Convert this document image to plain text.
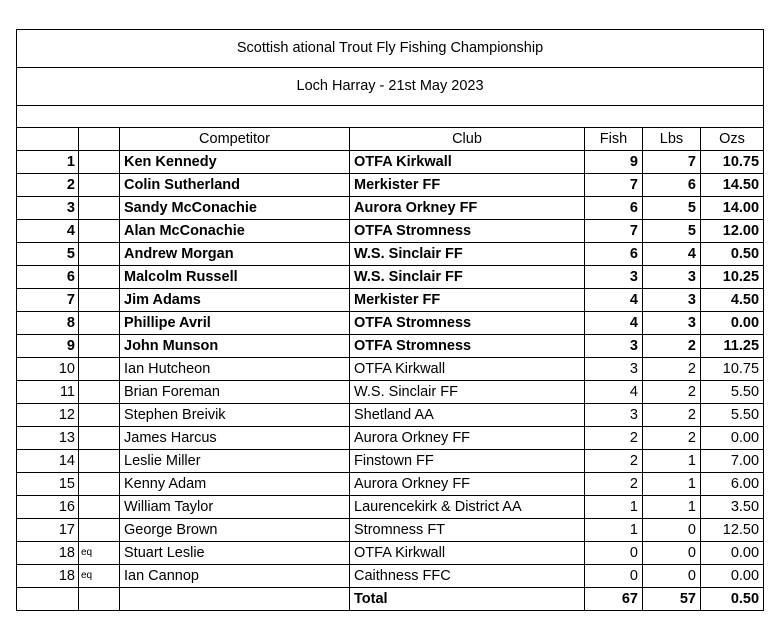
Scottish ational Trout Fly Fishing Championship						
Loch Harray - 21st May 2023						

		Competitor	Club	Fish	Lbs	Ozs
1		Ken Kennedy	OTFA Kirkwall	9	7	10.75
2		Colin Sutherland	Merkister FF	7	6	14.50
3		Sandy McConachie	Aurora Orkney FF	6	5	14.00
4		Alan McConachie	OTFA Stromness	7	5	12.00
5		Andrew Morgan	W.S. Sinclair FF	6	4	0.50
6		Malcolm Russell	W.S. Sinclair FF	3	3	10.25
7		Jim Adams	Merkister FF	4	3	4.50
8		Phillipe Avril	OTFA Stromness	4	3	0.00
9		John Munson	OTFA Stromness	3	2	11.25
10		Ian Hutcheon	OTFA Kirkwall	3	2	10.75
11		Brian Foreman	W.S. Sinclair FF	4	2	5.50
12		Stephen Breivik	Shetland AA	3	2	5.50
13		James Harcus	Aurora Orkney FF	2	2	0.00
14		Leslie Miller	Finstown FF	2	1	7.00
15		Kenny Adam	Aurora Orkney FF	2	1	6.00
16		William Taylor	Laurencekirk & District AA	1	1	3.50
17		George Brown	Stromness FT	1	0	12.50
18	eq	Stuart Leslie	OTFA Kirkwall	0	0	0.00
18	eq	Ian Cannop	Caithness FFC	0	0	0.00
			Total	67	57	0.50
